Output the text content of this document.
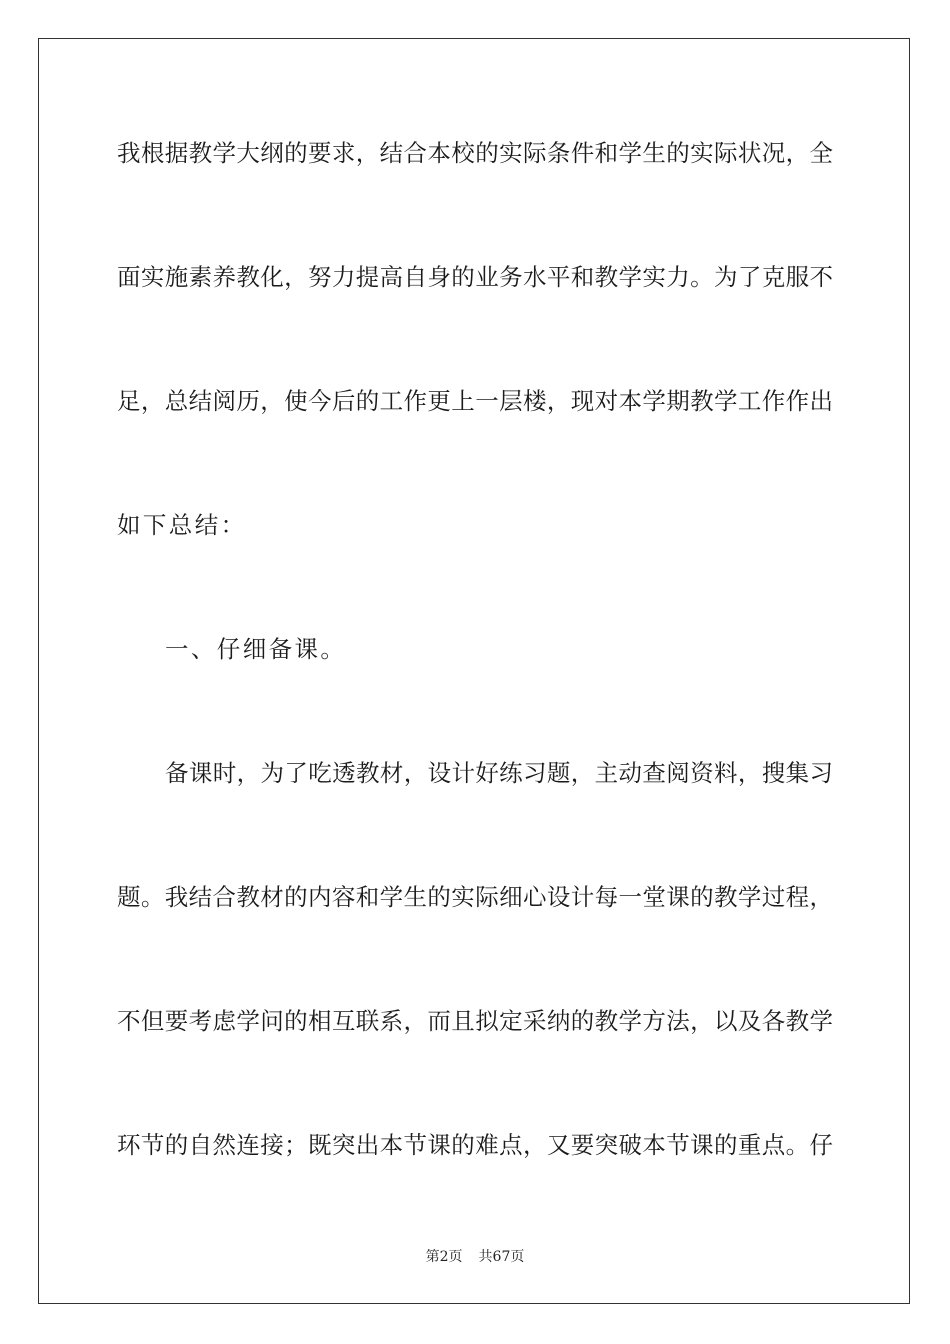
我根据教学大纲的要求，结合本校的实际条件和学生的实际状况，全
面实施素养教化，努力提高自身的业务水平和教学实力。为了克服不
足，总结阅历，使今后的工作更上一层楼，现对本学期教学工作作出
如下总结：
一、仔细备课。
备课时，为了吃透教材，设计好练习题，主动查阅资料，搜集习
题。我结合教材的内容和学生的实际细心设计每一堂课的教学过程，
不但要考虑学问的相互联系，而且拟定采纳的教学方法，以及各教学
环节的自然连接；既突出本节课的难点，又要突破本节课的重点。仔
第2页 共67页
